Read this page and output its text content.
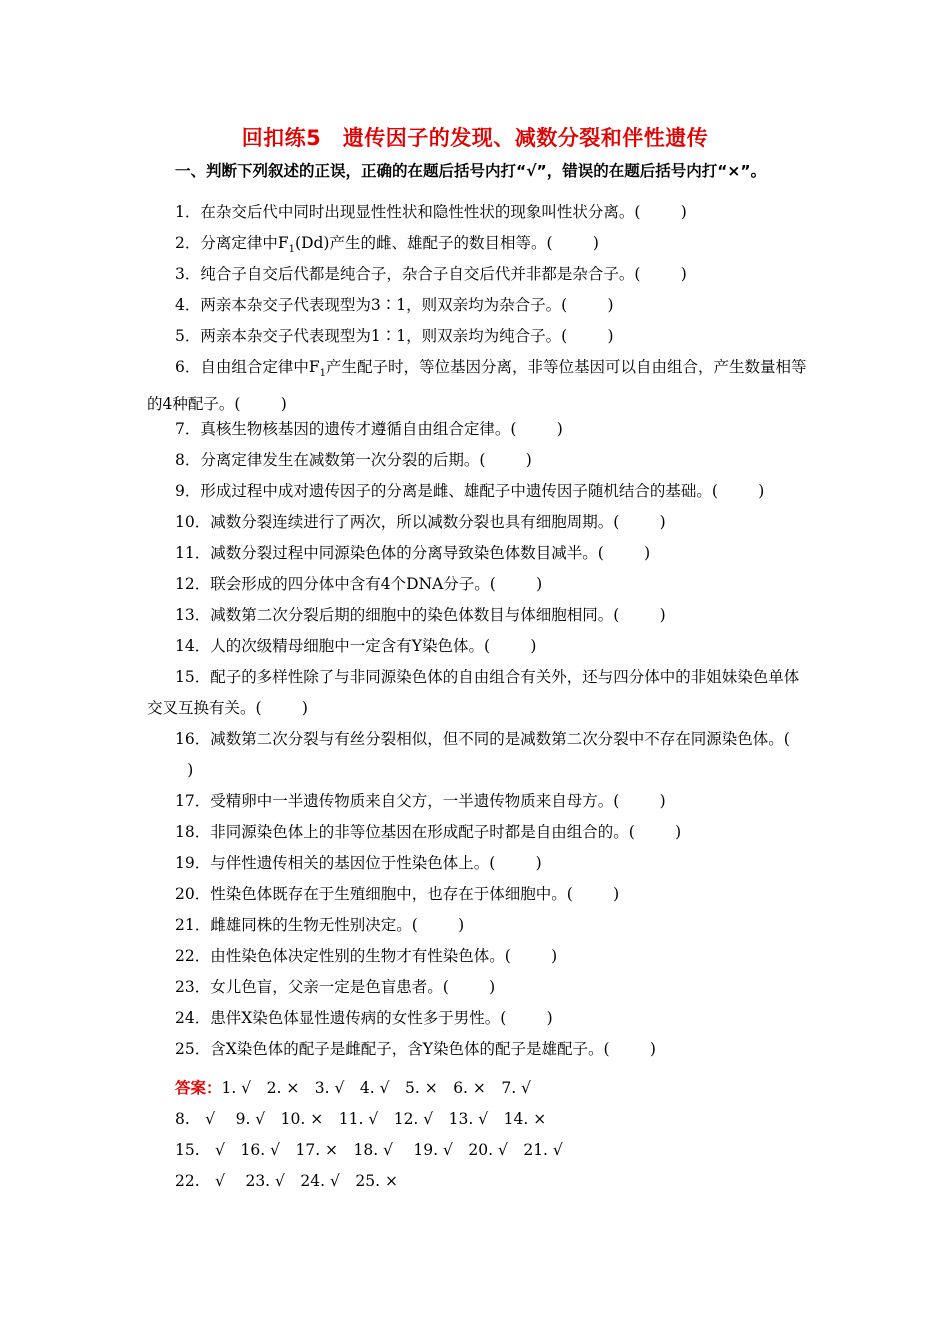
回扣练5　遗传因子的发现、减数分裂和伴性遗传
一、判断下列叙述的正误，正确的在题后括号内打“√”，错误的在题后括号内打“×”。
1．在杂交后代中同时出现显性性状和隐性性状的现象叫性状分离。(	)
2．分离定律中$F_1(Dd)$产生的雌、雄配子的数目相等。(	)
3．纯合子自交后代都是纯合子，杂合子自交后代并非都是杂合子。(	)
4．两亲本杂交子代表现型为3∶1，则双亲均为杂合子。(	)
5．两亲本杂交子代表现型为1∶1，则双亲均为纯合子。(	)
6．自由组合定律中$F_1$产生配子时，等位基因分离，非等位基因可以自由组合，产生数量相等的4种配子。(	)
7．真核生物核基因的遗传才遵循自由组合定律。(	)
8．分离定律发生在减数第一次分裂的后期。(	)
9．形成过程中成对遗传因子的分离是雌、雄配子中遗传因子随机结合的基础。(	)
10．减数分裂连续进行了两次，所以减数分裂也具有细胞周期。(	)
11．减数分裂过程中同源染色体的分离导致染色体数目减半。(	)
12．联会形成的四分体中含有4个DNA分子。(	)
13．减数第二次分裂后期的细胞中的染色体数目与体细胞相同。(	)
14．人的次级精母细胞中一定含有Y染色体。(	)
15．配子的多样性除了与非同源染色体的自由组合有关外，还与四分体中的非姐妹染色单体交叉互换有关。(	)
16．减数第二次分裂与有丝分裂相似，但不同的是减数第二次分裂中不存在同源染色体。()
17．受精卵中一半遗传物质来自父方，一半遗传物质来自母方。(	)
18．非同源染色体上的非等位基因在形成配子时都是自由组合的。(	)
19．与伴性遗传相关的基因位于性染色体上。(	)
20．性染色体既存在于生殖细胞中，也存在于体细胞中。(	)
21．雌雄同株的生物无性别决定。(	)
22．由性染色体决定性别的生物才有性染色体。(	)
23．女儿色盲，父亲一定是色盲患者。(	)
24．患伴X染色体显性遗传病的女性多于男性。(	)
25．含X染色体的配子是雌配子，含Y染色体的配子是雄配子。(	)
答案：1. √　2. ×　3. √　4. √　5. ×　6. ×　7. √
8.　√　 9. √　10. ×　11. √　12. √　13. √　14. ×
15.　√　16. √　17. ×　18. √　 19. √　20. √　21. √
22.　√　 23. √　24. √　25. ×
